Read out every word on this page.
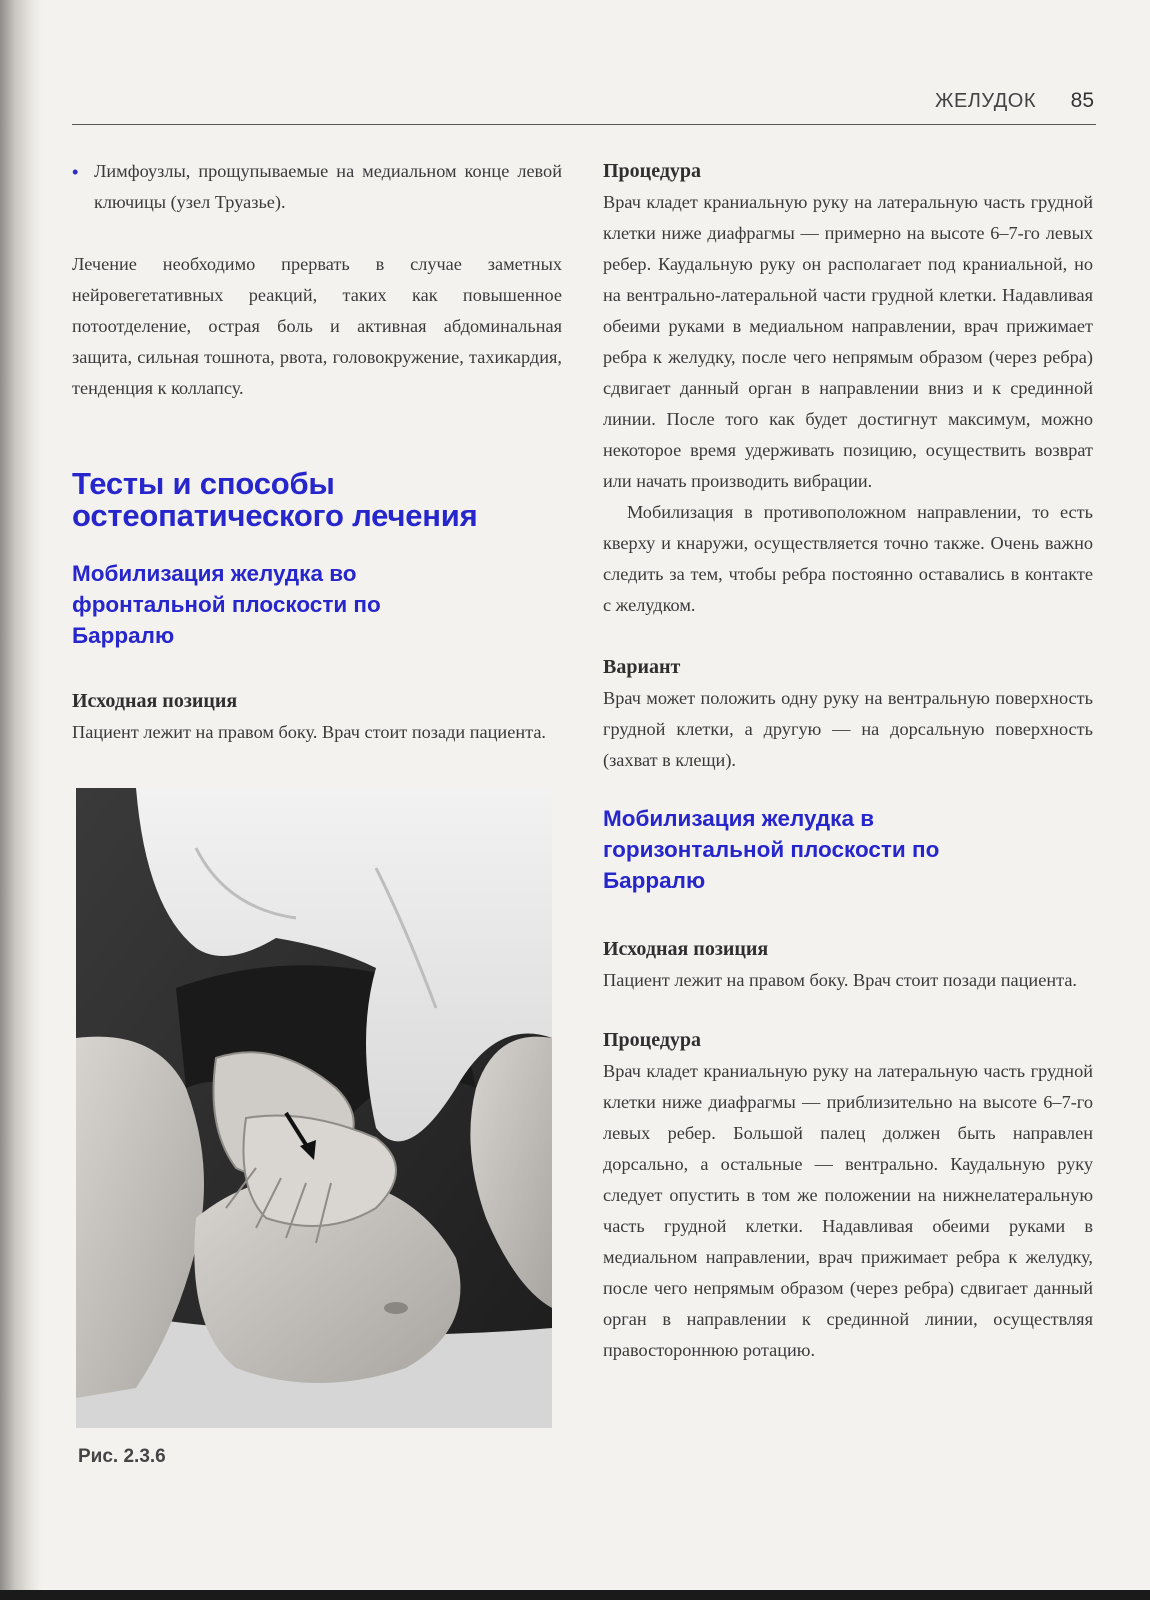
ЖЕЛУДОК 85
• Лимфоузлы, прощупываемые на медиальном конце левой ключицы (узел Труазье).

Лечение необходимо прервать в случае заметных нейровегетативных реакций, таких как повышенное потоотделение, острая боль и активная абдоминальная защита, сильная тошнота, рвота, головокружение, тахикардия, тенденция к коллапсу.

Тесты и способы остеопатического лечения
Мобилизация желудка во фронтальной плоскости по Барралю
Исходная позиция

Пациент лежит на правом боку. Врач стоит позади пациента.

Рис. 2.3.6
Процедура

Врач кладет краниальную руку на латеральную часть грудной клетки ниже диафрагмы — примерно на высоте 6–7-го левых ребер. Каудальную руку он располагает под краниальной, но на вентрально-латеральной части грудной клетки. Надавливая обеими руками в медиальном направлении, врач прижимает ребра к желудку, после чего непрямым образом (через ребра) сдвигает данный орган в направлении вниз и к срединной линии. После того как будет достигнут максимум, можно некоторое время удерживать позицию, осуществить возврат или начать производить вибрации.

Мобилизация в противоположном направлении, то есть кверху и кнаружи, осуществляется точно также. Очень важно следить за тем, чтобы ребра постоянно оставались в контакте с желудком.

Вариант

Врач может положить одну руку на вентральную поверхность грудной клетки, а другую — на дорсальную поверхность (захват в клещи).

Мобилизация желудка в горизонтальной плоскости по Барралю
Исходная позиция

Пациент лежит на правом боку. Врач стоит позади пациента.

Процедура

Врач кладет краниальную руку на латеральную часть грудной клетки ниже диафрагмы — приблизительно на высоте 6–7-го левых ребер. Большой палец должен быть направлен дорсально, а остальные — вентрально. Каудальную руку следует опустить в том же положении на нижнелатеральную часть грудной клетки. Надавливая обеими руками в медиальном направлении, врач прижимает ребра к желудку, после чего непрямым образом (через ребра) сдвигает данный орган в направлении к срединной линии, осуществляя правостороннюю ротацию.
